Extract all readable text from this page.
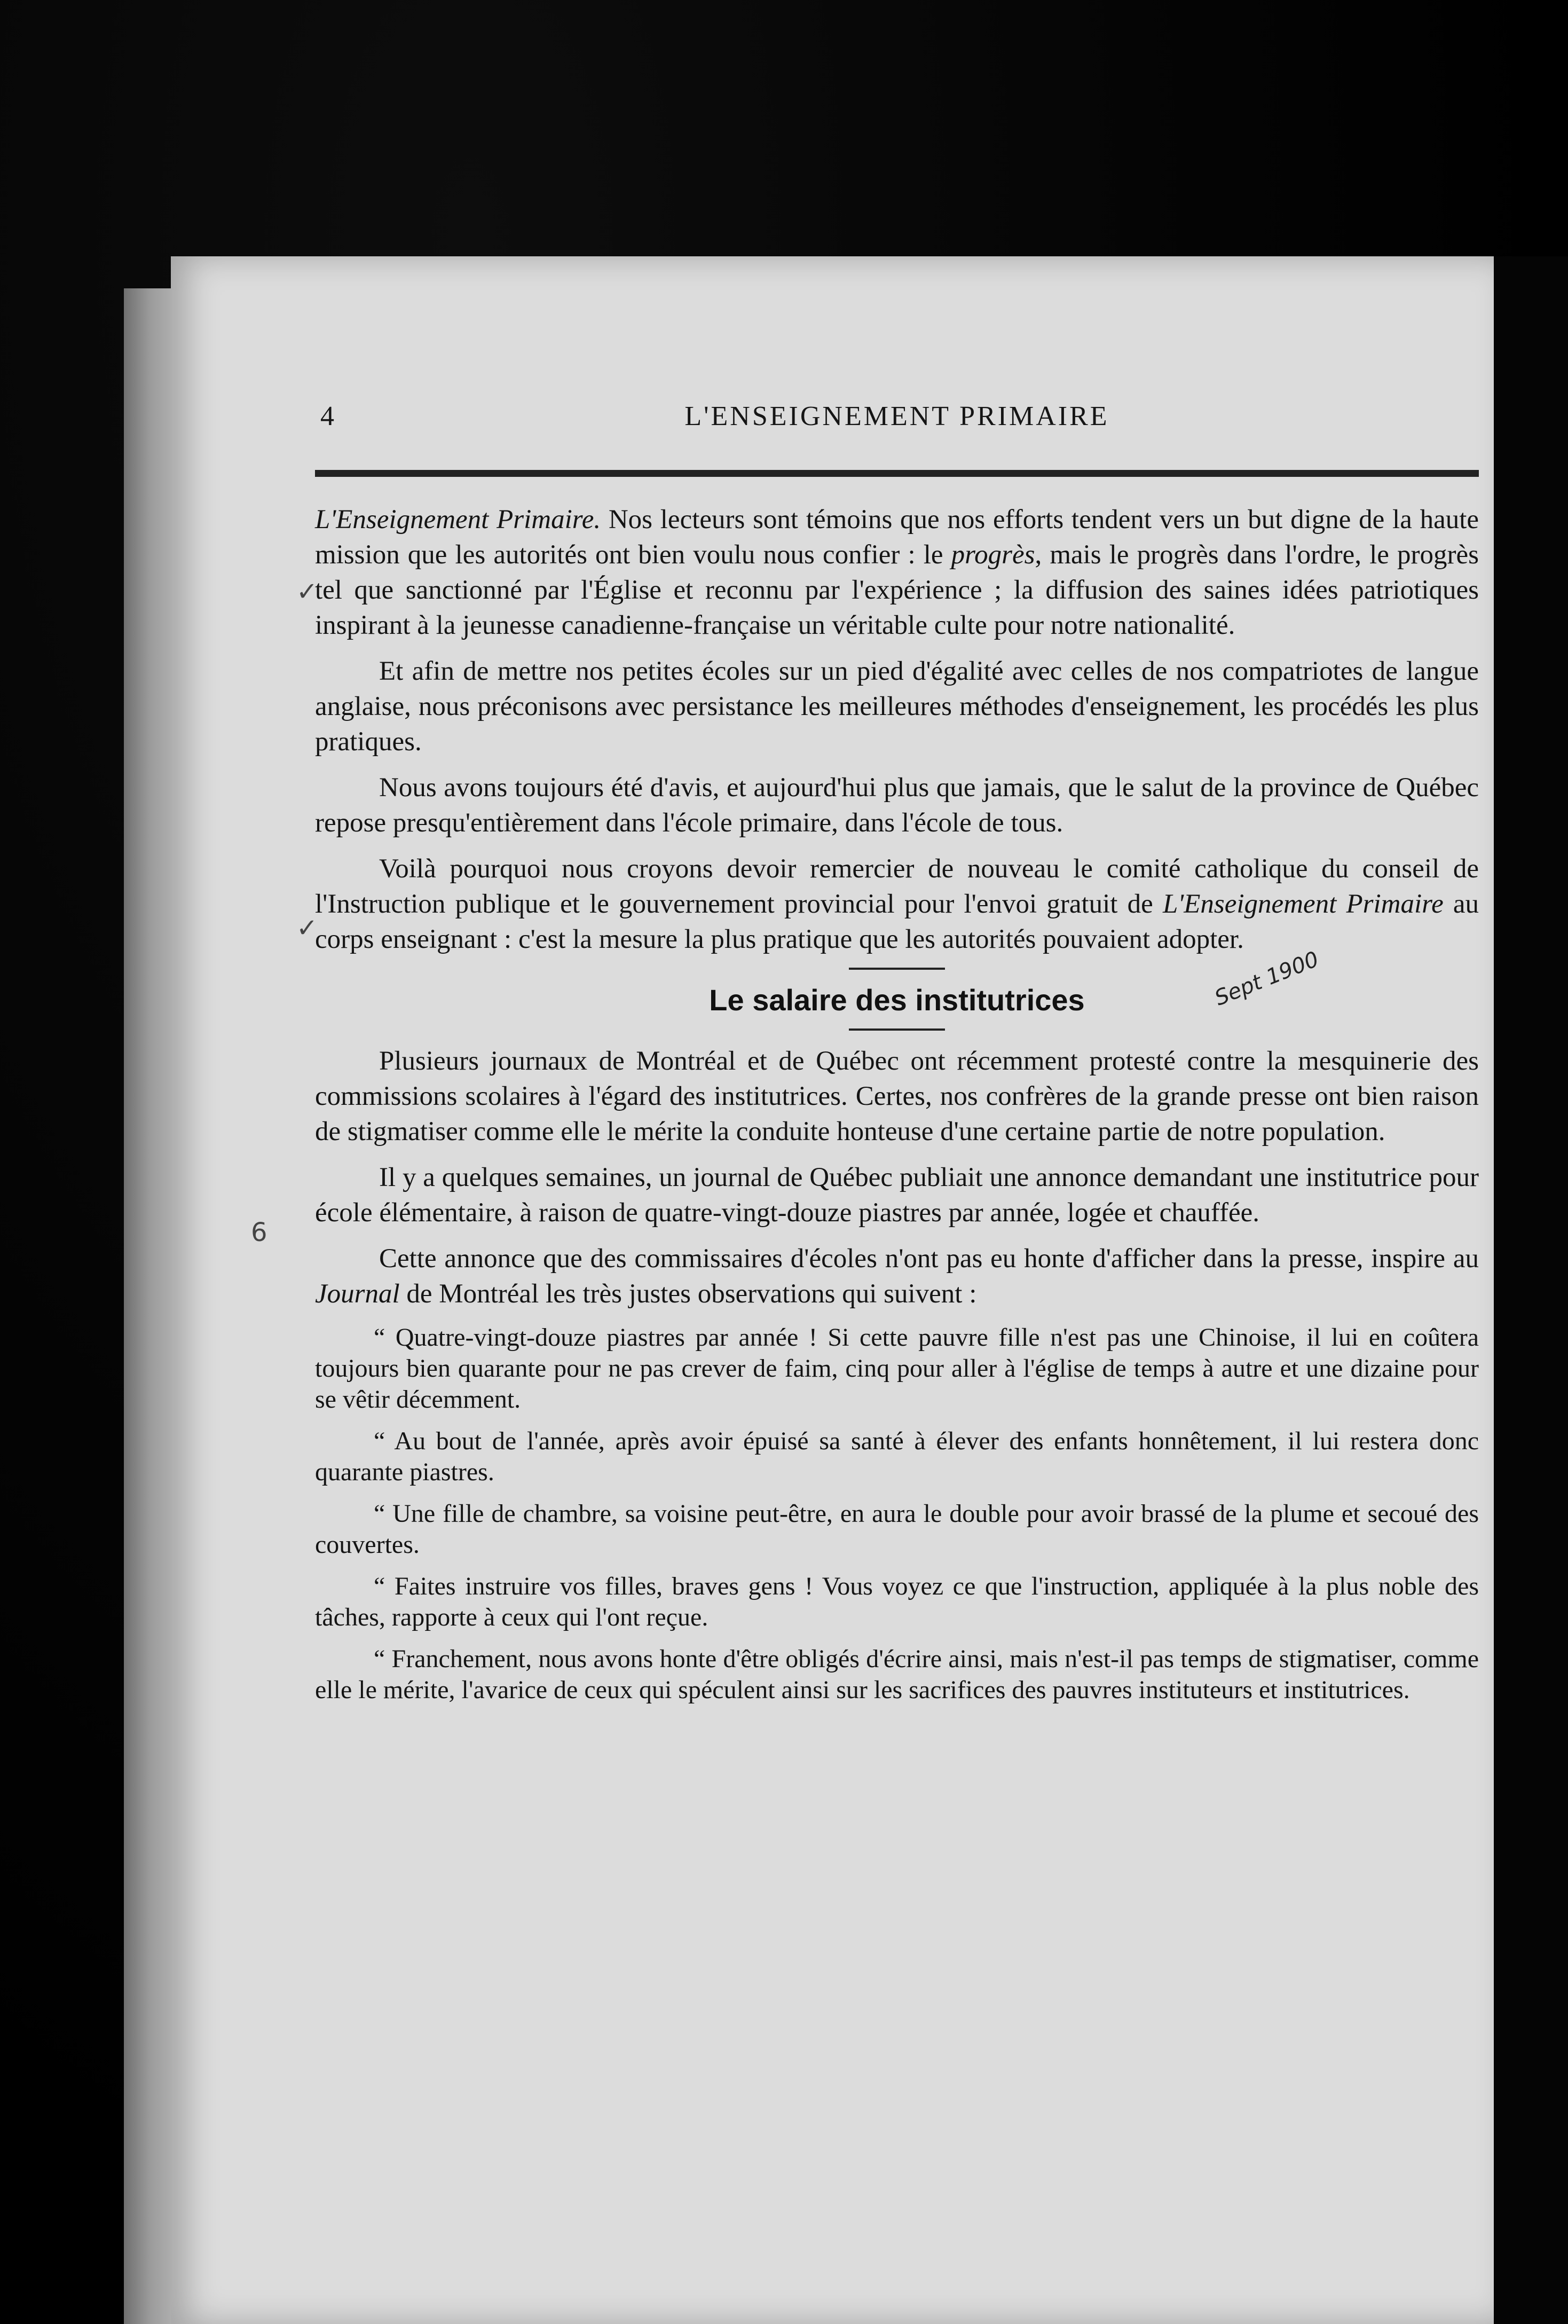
4	L'ENSEIGNEMENT PRIMAIRE
✓
✓
6

L'Enseignement Primaire. Nos lecteurs sont témoins que nos efforts tendent vers un but digne de la haute mission que les autorités ont bien voulu nous confier : le progrès, mais le progrès dans l'ordre, le progrès tel que sanctionné par l'Église et reconnu par l'expérience ; la diffusion des saines idées patriotiques inspirant à la jeunesse canadienne-française un véritable culte pour notre nationalité.

Et afin de mettre nos petites écoles sur un pied d'égalité avec celles de nos compatriotes de langue anglaise, nous préconisons avec persistance les meilleures méthodes d'enseignement, les procédés les plus pratiques.

Nous avons toujours été d'avis, et aujourd'hui plus que jamais, que le salut de la province de Québec repose presqu'entièrement dans l'école primaire, dans l'école de tous.

Voilà pourquoi nous croyons devoir remercier de nouveau le comité catholique du conseil de l'Instruction publique et le gouvernement provincial pour l'envoi gratuit de L'Enseignement Primaire au corps enseignant : c'est la mesure la plus pratique que les autorités pouvaient adopter.

Le salaire des institutrices	Sept 1900

Plusieurs journaux de Montréal et de Québec ont récemment protesté contre la mesquinerie des commissions scolaires à l'égard des institutrices. Certes, nos confrères de la grande presse ont bien raison de stigmatiser comme elle le mérite la conduite honteuse d'une certaine partie de notre population.

Il y a quelques semaines, un journal de Québec publiait une annonce demandant une institutrice pour école élémentaire, à raison de quatre-vingt-douze piastres par année, logée et chauffée.

Cette annonce que des commissaires d'écoles n'ont pas eu honte d'afficher dans la presse, inspire au Journal de Montréal les très justes observations qui suivent :

“ Quatre-vingt-douze piastres par année ! Si cette pauvre fille n'est pas une Chinoise, il lui en coûtera toujours bien quarante pour ne pas crever de faim, cinq pour aller à l'église de temps à autre et une dizaine pour se vêtir décemment.

“ Au bout de l'année, après avoir épuisé sa santé à élever des enfants honnêtement, il lui restera donc quarante piastres.

“ Une fille de chambre, sa voisine peut-être, en aura le double pour avoir brassé de la plume et secoué des couvertes.

“ Faites instruire vos filles, braves gens ! Vous voyez ce que l'instruction, appliquée à la plus noble des tâches, rapporte à ceux qui l'ont reçue.

“ Franchement, nous avons honte d'être obligés d'écrire ainsi, mais n'est-il pas temps de stigmatiser, comme elle le mérite, l'avarice de ceux qui spéculent ainsi sur les sacrifices des pauvres instituteurs et institutrices.
